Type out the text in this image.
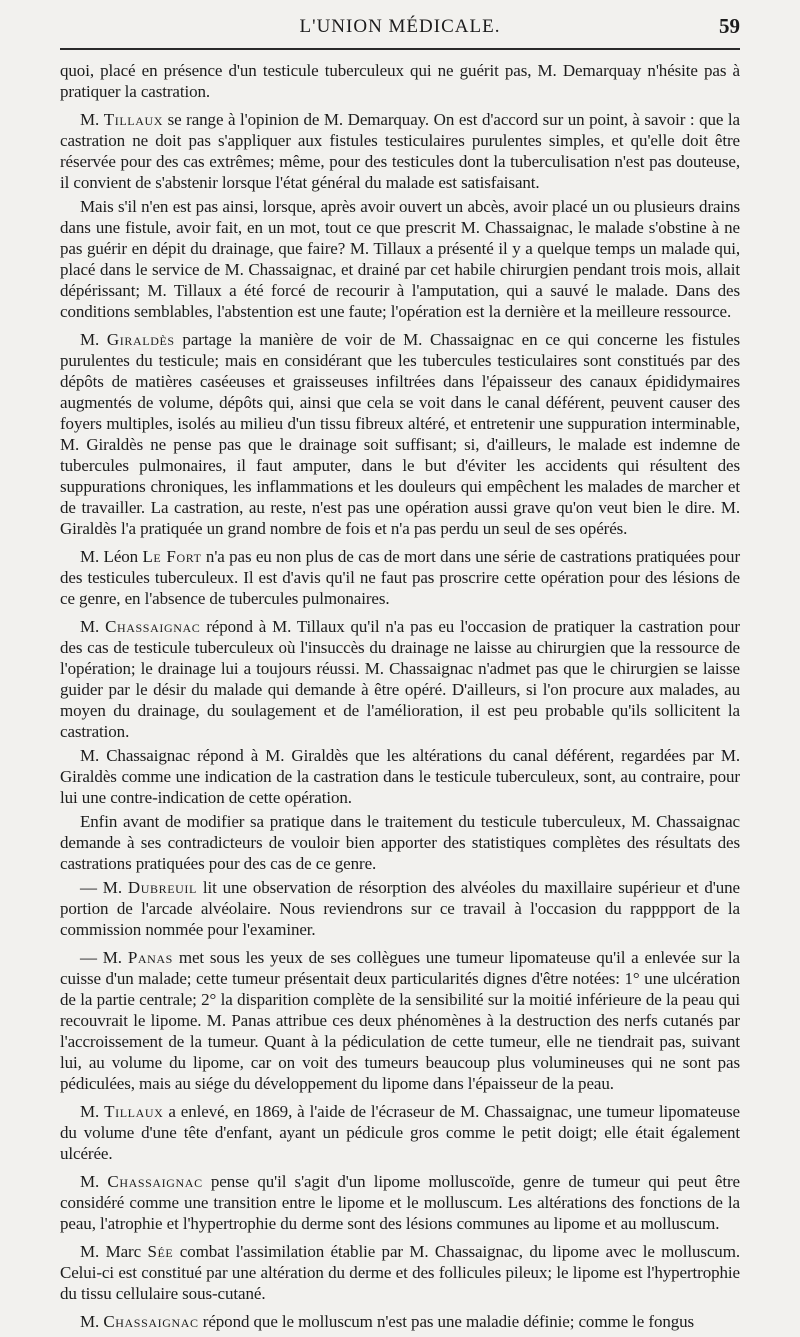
L'UNION MÉDICALE.	59

quoi, placé en présence d'un testicule tuberculeux qui ne guérit pas, M. Demarquay n'hésite pas à pratiquer la castration.

M. Tillaux se range à l'opinion de M. Demarquay. On est d'accord sur un point, à savoir : que la castration ne doit pas s'appliquer aux fistules testiculaires purulentes simples, et qu'elle doit être réservée pour des cas extrêmes; même, pour des testicules dont la tuberculisation n'est pas douteuse, il convient de s'abstenir lorsque l'état général du malade est satisfaisant.

Mais s'il n'en est pas ainsi, lorsque, après avoir ouvert un abcès, avoir placé un ou plusieurs drains dans une fistule, avoir fait, en un mot, tout ce que prescrit M. Chassaignac, le malade s'obstine à ne pas guérir en dépit du drainage, que faire? M. Tillaux a présenté il y a quelque temps un malade qui, placé dans le service de M. Chassaignac, et drainé par cet habile chirurgien pendant trois mois, allait dépérissant; M. Tillaux a été forcé de recourir à l'amputation, qui a sauvé le malade. Dans des conditions semblables, l'abstention est une faute; l'opération est la dernière et la meilleure ressource.

M. Giraldès partage la manière de voir de M. Chassaignac en ce qui concerne les fistules purulentes du testicule; mais en considérant que les tubercules testiculaires sont constitués par des dépôts de matières caséeuses et graisseuses infiltrées dans l'épaisseur des canaux épididymaires augmentés de volume, dépôts qui, ainsi que cela se voit dans le canal déférent, peuvent causer des foyers multiples, isolés au milieu d'un tissu fibreux altéré, et entretenir une suppuration interminable, M. Giraldès ne pense pas que le drainage soit suffisant; si, d'ailleurs, le malade est indemne de tubercules pulmonaires, il faut amputer, dans le but d'éviter les accidents qui résultent des suppurations chroniques, les inflammations et les douleurs qui empêchent les malades de marcher et de travailler. La castration, au reste, n'est pas une opération aussi grave qu'on veut bien le dire. M. Giraldès l'a pratiquée un grand nombre de fois et n'a pas perdu un seul de ses opérés.

M. Léon Le Fort n'a pas eu non plus de cas de mort dans une série de castrations pratiquées pour des testicules tuberculeux. Il est d'avis qu'il ne faut pas proscrire cette opération pour des lésions de ce genre, en l'absence de tubercules pulmonaires.

M. Chassaignac répond à M. Tillaux qu'il n'a pas eu l'occasion de pratiquer la castration pour des cas de testicule tuberculeux où l'insuccès du drainage ne laisse au chirurgien que la ressource de l'opération; le drainage lui a toujours réussi. M. Chassaignac n'admet pas que le chirurgien se laisse guider par le désir du malade qui demande à être opéré. D'ailleurs, si l'on procure aux malades, au moyen du drainage, du soulagement et de l'amélioration, il est peu probable qu'ils sollicitent la castration.

M. Chassaignac répond à M. Giraldès que les altérations du canal déférent, regardées par M. Giraldès comme une indication de la castration dans le testicule tuberculeux, sont, au contraire, pour lui une contre-indication de cette opération.

Enfin avant de modifier sa pratique dans le traitement du testicule tuberculeux, M. Chassaignac demande à ses contradicteurs de vouloir bien apporter des statistiques complètes des résultats des castrations pratiquées pour des cas de ce genre.

— M. Dubreuil lit une observation de résorption des alvéoles du maxillaire supérieur et d'une portion de l'arcade alvéolaire. Nous reviendrons sur ce travail à l'occasion du rapppport de la commission nommée pour l'examiner.

— M. Panas met sous les yeux de ses collègues une tumeur lipomateuse qu'il a enlevée sur la cuisse d'un malade; cette tumeur présentait deux particularités dignes d'être notées: 1° une ulcération de la partie centrale; 2° la disparition complète de la sensibilité sur la moitié inférieure de la peau qui recouvrait le lipome. M. Panas attribue ces deux phénomènes à la destruction des nerfs cutanés par l'accroissement de la tumeur. Quant à la pédiculation de cette tumeur, elle ne tiendrait pas, suivant lui, au volume du lipome, car on voit des tumeurs beaucoup plus volumineuses qui ne sont pas pédiculées, mais au siége du développement du lipome dans l'épaisseur de la peau.

M. Tillaux a enlevé, en 1869, à l'aide de l'écraseur de M. Chassaignac, une tumeur lipomateuse du volume d'une tête d'enfant, ayant un pédicule gros comme le petit doigt; elle était également ulcérée.

M. Chassaignac pense qu'il s'agit d'un lipome molluscoïde, genre de tumeur qui peut être considéré comme une transition entre le lipome et le molluscum. Les altérations des fonctions de la peau, l'atrophie et l'hypertrophie du derme sont des lésions communes au lipome et au molluscum.

M. Marc Sée combat l'assimilation établie par M. Chassaignac, du lipome avec le molluscum. Celui-ci est constitué par une altération du derme et des follicules pileux; le lipome est l'hypertrophie du tissu cellulaire sous-cutané.

M. Chassaignac répond que le molluscum n'est pas une maladie définie; comme le fongus
